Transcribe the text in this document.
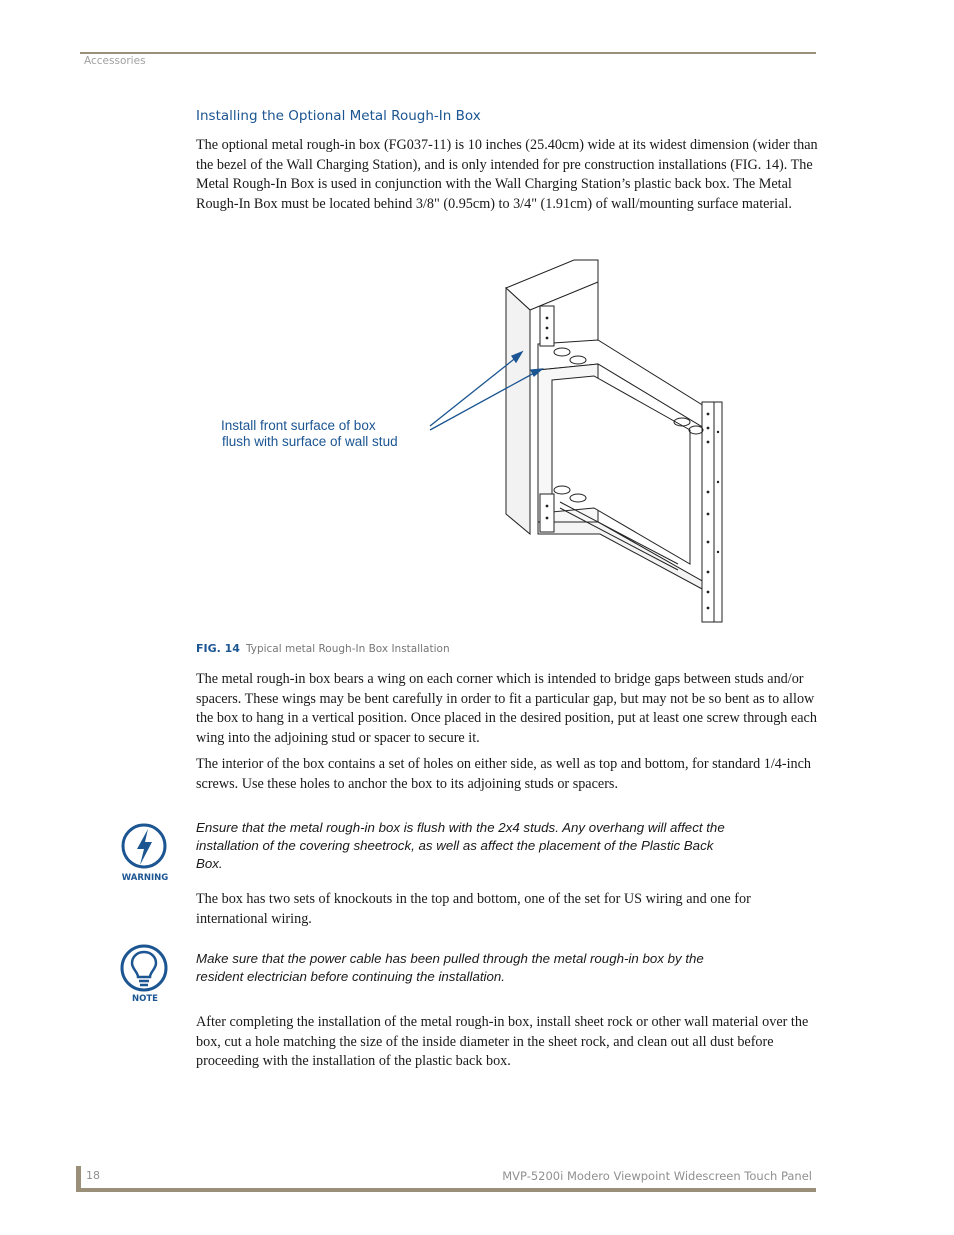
Accessories
Installing the Optional Metal Rough-In Box

The optional metal rough-in box (FG037-11) is 10 inches (25.40cm) wide at its widest dimension (wider than the bezel of the Wall Charging Station), and is only intended for pre construction installations (FIG. 14). The Metal Rough-In Box is used in conjunction with the Wall Charging Station’s plastic back box. The Metal Rough-In Box must be located behind 3/8" (0.95cm) to 3/4" (1.91cm) of wall/mounting surface material.

Install front surface of box
flush with surface of wall stud
FIG. 14 Typical metal Rough-In Box Installation

The metal rough-in box bears a wing on each corner which is intended to bridge gaps between studs and/or spacers. These wings may be bent carefully in order to fit a particular gap, but may not be so bent as to allow the box to hang in a vertical position. Once placed in the desired position, put at least one screw through each wing into the adjoining stud or spacer to secure it.

The interior of the box contains a set of holes on either side, as well as top and bottom, for standard 1/4-inch screws. Use these holes to anchor the box to its adjoining studs or spacers.

WARNING

Ensure that the metal rough-in box is flush with the 2x4 studs. Any overhang will affect the installation of the covering sheetrock, as well as affect the placement of the Plastic Back Box.

The box has two sets of knockouts in the top and bottom, one of the set for US wiring and one for international wiring.

NOTE

Make sure that the power cable has been pulled through the metal rough-in box by the resident electrician before continuing the installation.

After completing the installation of the metal rough-in box, install sheet rock or other wall material over the box, cut a hole matching the size of the inside diameter in the sheet rock, and clean out all dust before proceeding with the installation of the plastic back box.

18	MVP-5200i Modero Viewpoint Widescreen Touch Panel
